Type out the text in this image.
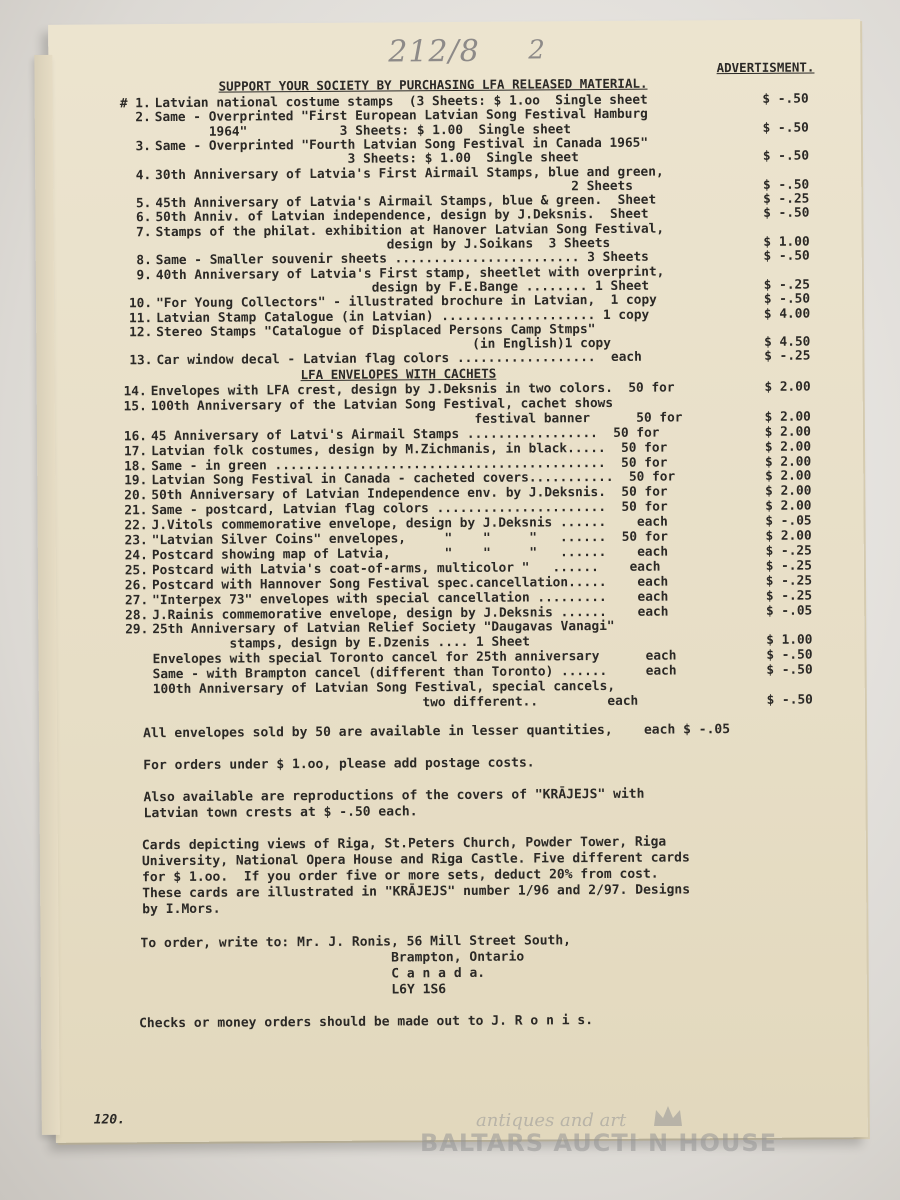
212/8 2
ADVERTISMENT.
SUPPORT YOUR SOCIETY BY PURCHASING LFA RELEASED MATERIAL.
# 1. Latvian national costume stamps  (3 Sheets: $ 1.oo  Single sheet	$ -.50
2. Same - Overprinted "First European Latvian Song Festival Hamburg
1964"            3 Sheets: $ 1.00  Single sheet	$ -.50
3. Same - Overprinted "Fourth Latvian Song Festival in Canada 1965"
3 Sheets: $ 1.00  Single sheet	$ -.50
4. 30th Anniversary of Latvia's First Airmail Stamps, blue and green,
2 Sheets	$ -.50
5. 45th Anniversary of Latvia's Airmail Stamps, blue & green.  Sheet	$ -.25
6. 50th Anniv. of Latvian independence, design by J.Deksnis.  Sheet	$ -.50
7. Stamps of the philat. exhibition at Hanover Latvian Song Festival,
design by J.Soikans  3 Sheets	$ 1.00
8. Same - Smaller souvenir sheets ........................ 3 Sheets	$ -.50
9. 40th Anniversary of Latvia's First stamp, sheetlet with overprint,
design by F.E.Bange ........ 1 Sheet	$ -.25
10. "For Young Collectors" - illustrated brochure in Latvian,  1 copy	$ -.50
11. Latvian Stamp Catalogue (in Latvian) .................... 1 copy	$ 4.00
12. Stereo Stamps "Catalogue of Displaced Persons Camp Stmps"
(in English)1 copy	$ 4.50
13. Car window decal - Latvian flag colors ..................  each	$ -.25
LFA ENVELOPES WITH CACHETS
14. Envelopes with LFA crest, design by J.Deksnis in two colors.  50 for	$ 2.00
15. 100th Anniversary of the Latvian Song Festival, cachet shows
festival banner      50 for	$ 2.00
16. 45 Anniversary of Latvi's Airmail Stamps .................  50 for	$ 2.00
17. Latvian folk costumes, design by M.Zichmanis, in black.....  50 for	$ 2.00
18. Same - in green ...........................................  50 for	$ 2.00
19. Latvian Song Festival in Canada - cacheted covers...........  50 for	$ 2.00
20. 50th Anniversary of Latvian Independence env. by J.Deksnis.  50 for	$ 2.00
21. Same - postcard, Latvian flag colors ......................  50 for	$ 2.00
22. J.Vitols commemorative envelope, design by J.Deksnis ......    each	$ -.05
23. "Latvian Silver Coins" envelopes,     "    "     "   ......  50 for	$ 2.00
24. Postcard showing map of Latvia,       "    "     "   ......    each	$ -.25
25. Postcard with Latvia's coat-of-arms, multicolor "   ......    each	$ -.25
26. Postcard with Hannover Song Festival spec.cancellation.....    each	$ -.25
27. "Interpex 73" envelopes with special cancellation .........    each	$ -.25
28. J.Rainis commemorative envelope, design by J.Deksnis ......    each	$ -.05
29. 25th Anniversary of Latvian Relief Society "Daugavas Vanagi"
stamps, design by E.Dzenis .... 1 Sheet	$ 1.00
Envelopes with special Toronto cancel for 25th anniversary      each	$ -.50
Same - with Brampton cancel (different than Toronto) ......     each	$ -.50
100th Anniversary of Latvian Song Festival, special cancels,
two different..         each	$ -.50
All envelopes sold by 50 are available in lesser quantities,    each $ -.05
For orders under $ 1.oo, please add postage costs.
Also available are reproductions of the covers of "KRĀJEJS" with
Latvian town crests at $ -.50 each.
Cards depicting views of Riga, St.Peters Church, Powder Tower, Riga
University, National Opera House and Riga Castle. Five different cards
for $ 1.oo.  If you order five or more sets, deduct 20% from cost.
These cards are illustrated in "KRĀJEJS" number 1/96 and 2/97. Designs
by I.Mors.
To order, write to: Mr. J. Ronis, 56 Mill Street South,
Brampton, Ontario
C a n a d a.
L6Y 1S6
Checks or money orders should be made out to J. R o n i s.
120.	antiques and art
BALTARS AUCTI N HOUSE
